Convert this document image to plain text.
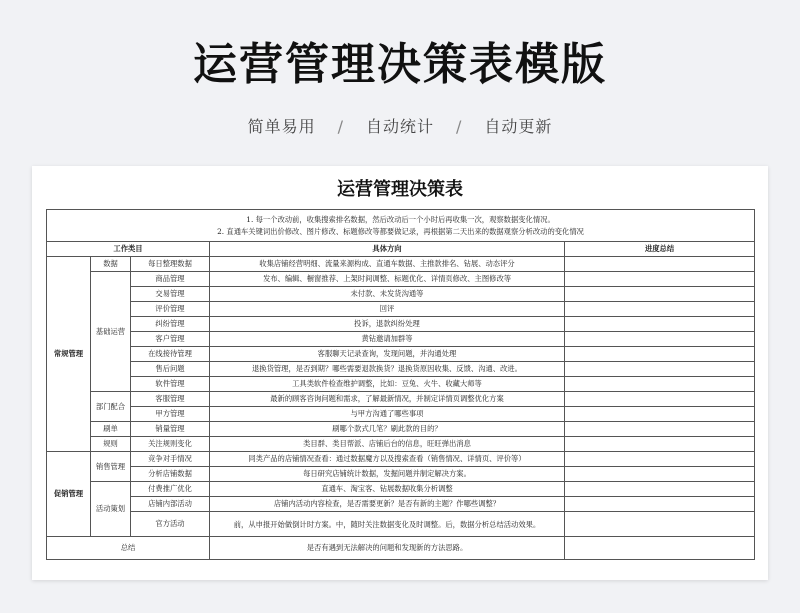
运营管理决策表模版
简单易用 / 自动统计 / 自动更新
运营管理决策表
1. 每一个改动前，收集搜索排名数据，然后改动后一个小时后再收集一次，观察数据变化情况。
2. 直通车关键词出价修改、图片修改、标题修改等都要做记录，再根据第二天出来的数据观察分析改动的变化情况				

工作类目			具体方向	进度总结
常规管理	数据	每日整理数据	收集店铺经营明细、流量来源构成、直通车数据、主推款排名、钻展、动态评分	
	基础运营	商品管理	发布、编辑、橱窗推荐、上架时间调整、标题优化、详情页修改、主图修改等	
		交易管理	未付款、未发货沟通等	
		评价管理	回评	
		纠纷管理	投诉，退款纠纷处理	
		客户管理	黄钻邀请加群等	
		在线接待管理	客服聊天记录查询，发现问题，并沟通处理	
		售后问题	退换货管理，是否到期？哪些需要退款换货？退换货原因收集、反馈、沟通、改进。	
		软件管理	工具类软件检查维护调整，比如：豆兔、火牛、收藏大师等	
	部门配合	客服管理	最新的顾客咨询问题和需求，了解最新情况，并制定详情页调整优化方案	
		甲方管理	与甲方沟通了哪些事项	
	刷单	销量管理	刷哪个款式几笔？刷此款的目的？	
	规则	关注规则变化	类目群、类目帮派、店铺后台的信息，旺旺弹出消息	
促销管理	销售管理	竞争对手情况	同类产品的店铺情况查看：通过数据魔方以及搜索查看（销售情况、详情页、评价等）	
		分析店铺数据	每日研究店铺统计数据，发掘问题并制定解决方案。	
	活动策划	付费推广优化	直通车、淘宝客、钻展数据收集分析调整	
		店铺内部活动	店铺内活动内容检查，是否需要更新？是否有新的主题？作哪些调整？	
		官方活动	前，从申报开始做倒计时方案。中，随时关注数据变化及时调整。后，数据分析总结活动效果。	
总结			是否有遇到无法解决的问题和发现新的方法思路。	
